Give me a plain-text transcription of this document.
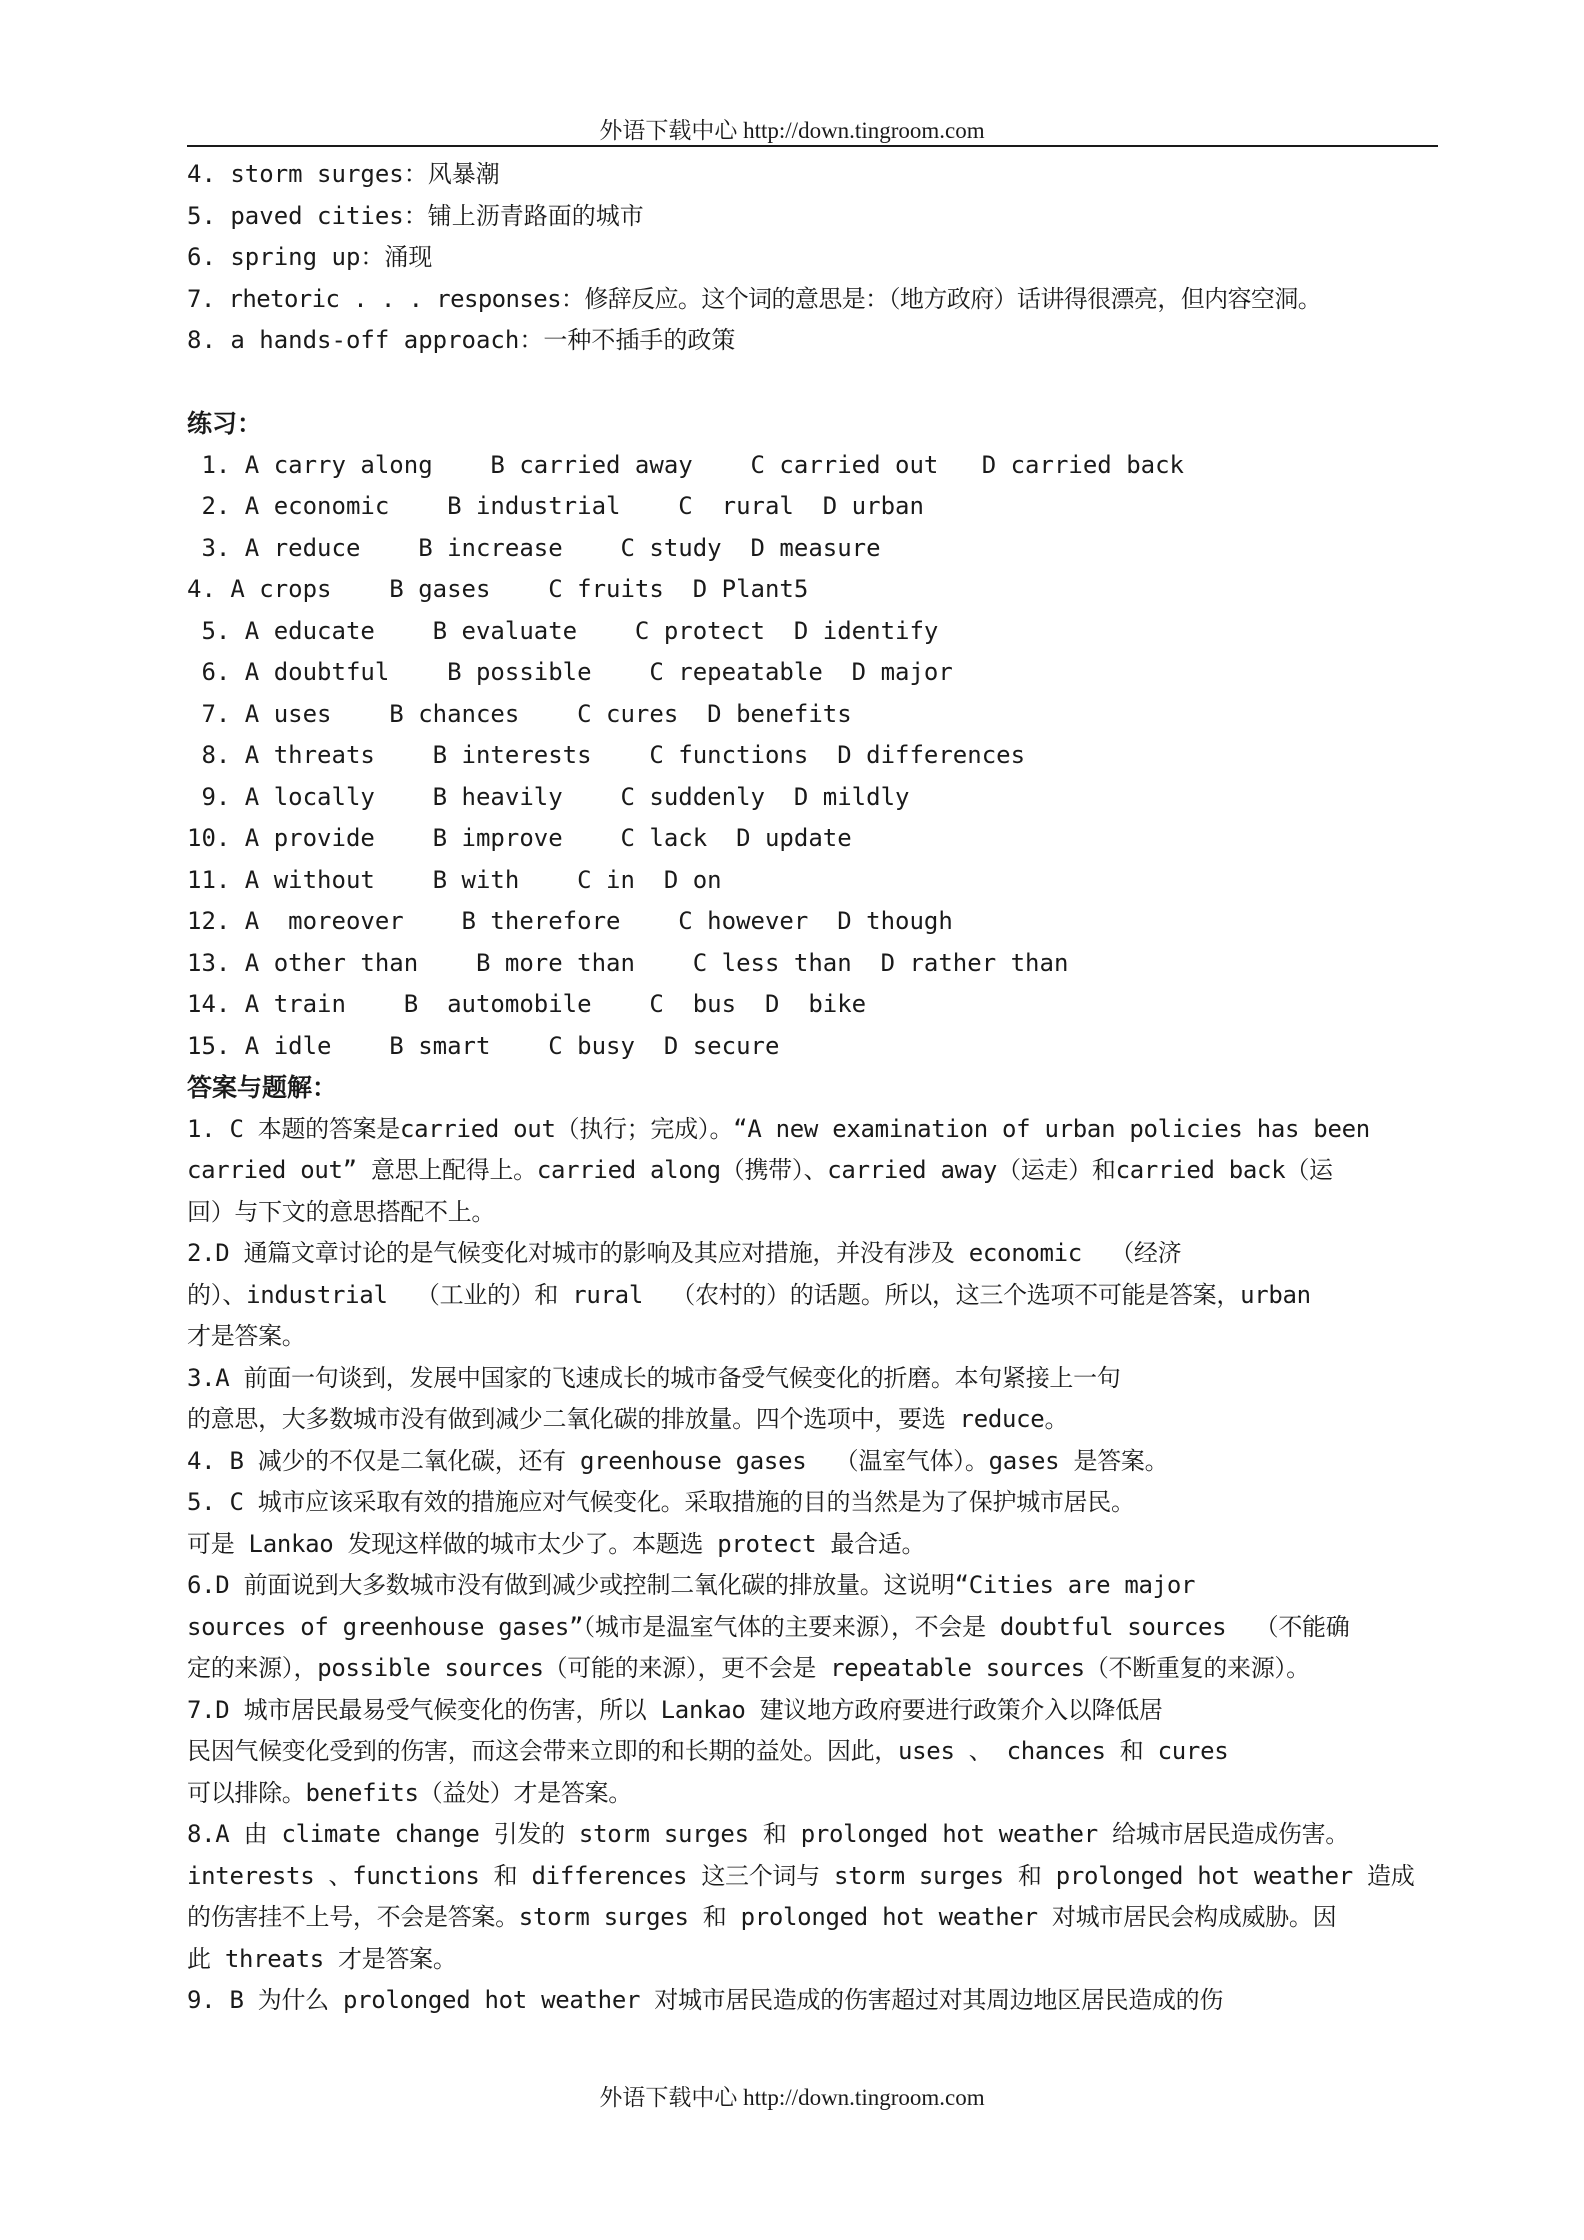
外语下载中心 http://down.tingroom.com
4. storm surges：风暴潮
5. paved cities：铺上沥青路面的城市
6. spring up：涌现
7. rhetoric . . . responses：修辞反应。这个词的意思是：（地方政府）话讲得很漂亮，但内容空洞。
8. a hands-off approach：一种不插手的政策
练习：
1. A carry along    B carried away    C carried out   D carried back
2. A economic    B industrial    C  rural  D urban
3. A reduce    B increase    C study  D measure
4. A crops    B gases    C fruits  D Plant5
5. A educate    B evaluate    C protect  D identify
6. A doubtful    B possible    C repeatable  D major
7. A uses    B chances    C cures  D benefits
8. A threats    B interests    C functions  D differences
9. A locally    B heavily    C suddenly  D mildly
10. A provide    B improve    C lack  D update
11. A without    B with    C in  D on
12. A  moreover    B therefore    C however  D though
13. A other than    B more than    C less than  D rather than
14. A train    B  automobile    C  bus  D  bike
15. A idle    B smart    C busy  D secure
答案与题解：
1. C 本题的答案是carried out（执行；完成）。“A new examination of urban policies has been
carried out” 意思上配得上。carried along（携带）、carried away（运走）和carried back（运
回）与下文的意思搭配不上。
2.D 通篇文章讨论的是气候变化对城市的影响及其应对措施，并没有涉及 economic  （经济
的）、industrial  （工业的）和 rural  （农村的）的话题。所以，这三个选项不可能是答案，urban
才是答案。
3.A 前面一句谈到，发展中国家的飞速成长的城市备受气候变化的折磨。本句紧接上一句
的意思，大多数城市没有做到减少二氧化碳的排放量。四个选项中，要选 reduce。
4. B 减少的不仅是二氧化碳，还有 greenhouse gases  （温室气体）。gases 是答案。
5. C 城市应该采取有效的措施应对气候变化。采取措施的目的当然是为了保护城市居民。
可是 Lankao 发现这样做的城市太少了。本题选 protect 最合适。
6.D 前面说到大多数城市没有做到减少或控制二氧化碳的排放量。这说明“Cities are major
sources of greenhouse gases”（城市是温室气体的主要来源），不会是 doubtful sources  （不能确
定的来源），possible sources（可能的来源），更不会是 repeatable sources（不断重复的来源）。
7.D 城市居民最易受气候变化的伤害，所以 Lankao 建议地方政府要进行政策介入以降低居
民因气候变化受到的伤害，而这会带来立即的和长期的益处。因此，uses 、 chances 和 cures
可以排除。benefits（益处）才是答案。
8.A 由 climate change 引发的 storm surges 和 prolonged hot weather 给城市居民造成伤害。
interests 、functions 和 differences 这三个词与 storm surges 和 prolonged hot weather 造成
的伤害挂不上号，不会是答案。storm surges 和 prolonged hot weather 对城市居民会构成威胁。因
此 threats 才是答案。
9. B 为什么 prolonged hot weather 对城市居民造成的伤害超过对其周边地区居民造成的伤
外语下载中心 http://down.tingroom.com
